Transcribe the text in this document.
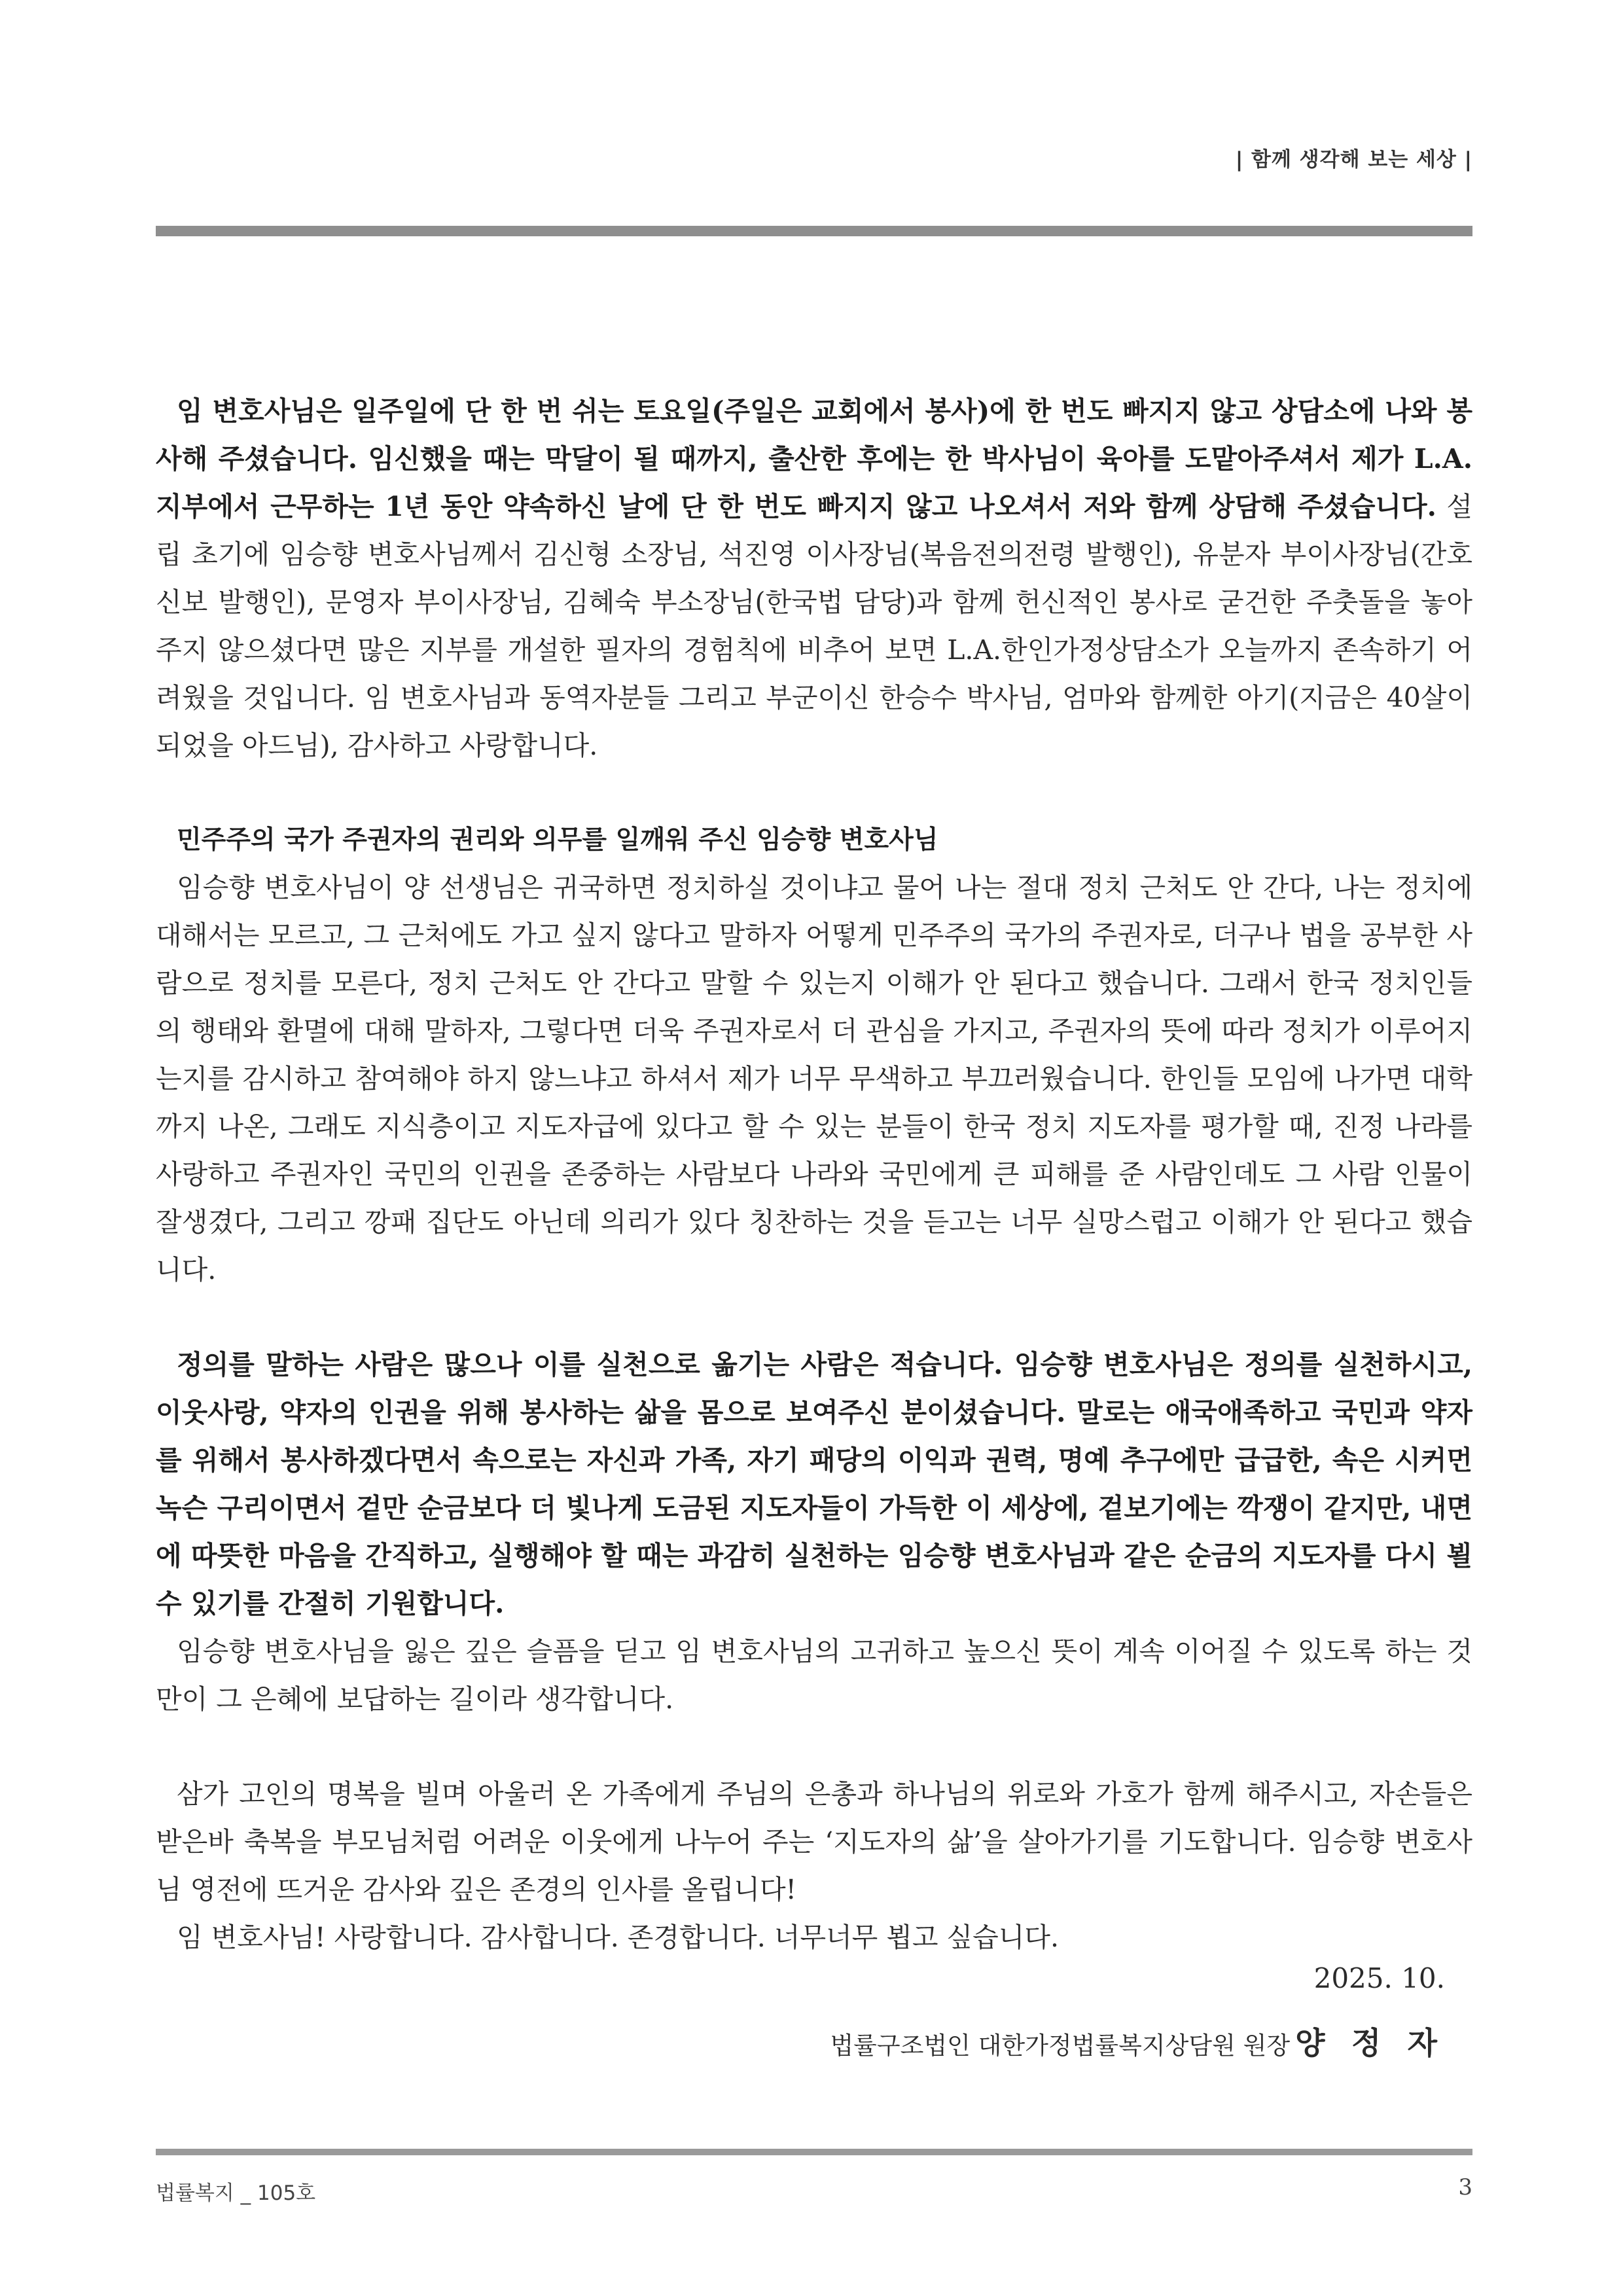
| 함께 생각해 보는 세상 |

임 변호사님은 일주일에 단 한 번 쉬는 토요일(주일은 교회에서 봉사)에 한 번도 빠지지 않고 상담소에 나와 봉사해 주셨습니다. 임신했을 때는 막달이 될 때까지, 출산한 후에는 한 박사님이 육아를 도맡아주셔서 제가 L.A.지부에서 근무하는 1년 동안 약속하신 날에 단 한 번도 빠지지 않고 나오셔서 저와 함께 상담해 주셨습니다. 설립 초기에 임승향 변호사님께서 김신형 소장님, 석진영 이사장님(복음전의전령 발행인), 유분자 부이사장님(간호신보 발행인), 문영자 부이사장님, 김혜숙 부소장님(한국법 담당)과 함께 헌신적인 봉사로 굳건한 주춧돌을 놓아주지 않으셨다면 많은 지부를 개설한 필자의 경험칙에 비추어 보면 L.A.한인가정상담소가 오늘까지 존속하기 어려웠을 것입니다. 임 변호사님과 동역자분들 그리고 부군이신 한승수 박사님, 엄마와 함께한 아기(지금은 40살이 되었을 아드님), 감사하고 사랑합니다.

민주주의 국가 주권자의 권리와 의무를 일깨워 주신 임승향 변호사님

임승향 변호사님이 양 선생님은 귀국하면 정치하실 것이냐고 물어 나는 절대 정치 근처도 안 간다, 나는 정치에 대해서는 모르고, 그 근처에도 가고 싶지 않다고 말하자 어떻게 민주주의 국가의 주권자로, 더구나 법을 공부한 사람으로 정치를 모른다, 정치 근처도 안 간다고 말할 수 있는지 이해가 안 된다고 했습니다. 그래서 한국 정치인들의 행태와 환멸에 대해 말하자, 그렇다면 더욱 주권자로서 더 관심을 가지고, 주권자의 뜻에 따라 정치가 이루어지는지를 감시하고 참여해야 하지 않느냐고 하셔서 제가 너무 무색하고 부끄러웠습니다. 한인들 모임에 나가면 대학까지 나온, 그래도 지식층이고 지도자급에 있다고 할 수 있는 분들이 한국 정치 지도자를 평가할 때, 진정 나라를 사랑하고 주권자인 국민의 인권을 존중하는 사람보다 나라와 국민에게 큰 피해를 준 사람인데도 그 사람 인물이 잘생겼다, 그리고 깡패 집단도 아닌데 의리가 있다 칭찬하는 것을 듣고는 너무 실망스럽고 이해가 안 된다고 했습니다.

정의를 말하는 사람은 많으나 이를 실천으로 옮기는 사람은 적습니다. 임승향 변호사님은 정의를 실천하시고, 이웃사랑, 약자의 인권을 위해 봉사하는 삶을 몸으로 보여주신 분이셨습니다. 말로는 애국애족하고 국민과 약자를 위해서 봉사하겠다면서 속으로는 자신과 가족, 자기 패당의 이익과 권력, 명예 추구에만 급급한, 속은 시커먼 녹슨 구리이면서 겉만 순금보다 더 빛나게 도금된 지도자들이 가득한 이 세상에, 겉보기에는 깍쟁이 같지만, 내면에 따뜻한 마음을 간직하고, 실행해야 할 때는 과감히 실천하는 임승향 변호사님과 같은 순금의 지도자를 다시 뵐 수 있기를 간절히 기원합니다.

임승향 변호사님을 잃은 깊은 슬픔을 딛고 임 변호사님의 고귀하고 높으신 뜻이 계속 이어질 수 있도록 하는 것만이 그 은혜에 보답하는 길이라 생각합니다.

삼가 고인의 명복을 빌며 아울러 온 가족에게 주님의 은총과 하나님의 위로와 가호가 함께 해주시고, 자손들은 받은바 축복을 부모님처럼 어려운 이웃에게 나누어 주는 ‘지도자의 삶’을 살아가기를 기도합니다. 임승향 변호사님 영전에 뜨거운 감사와 깊은 존경의 인사를 올립니다!

임 변호사님! 사랑합니다. 감사합니다. 존경합니다. 너무너무 뵙고 싶습니다.

2025. 10.
법률구조법인 대한가정법률복지상담원 원장 양 정 자
법률복지 _ 105호	3
